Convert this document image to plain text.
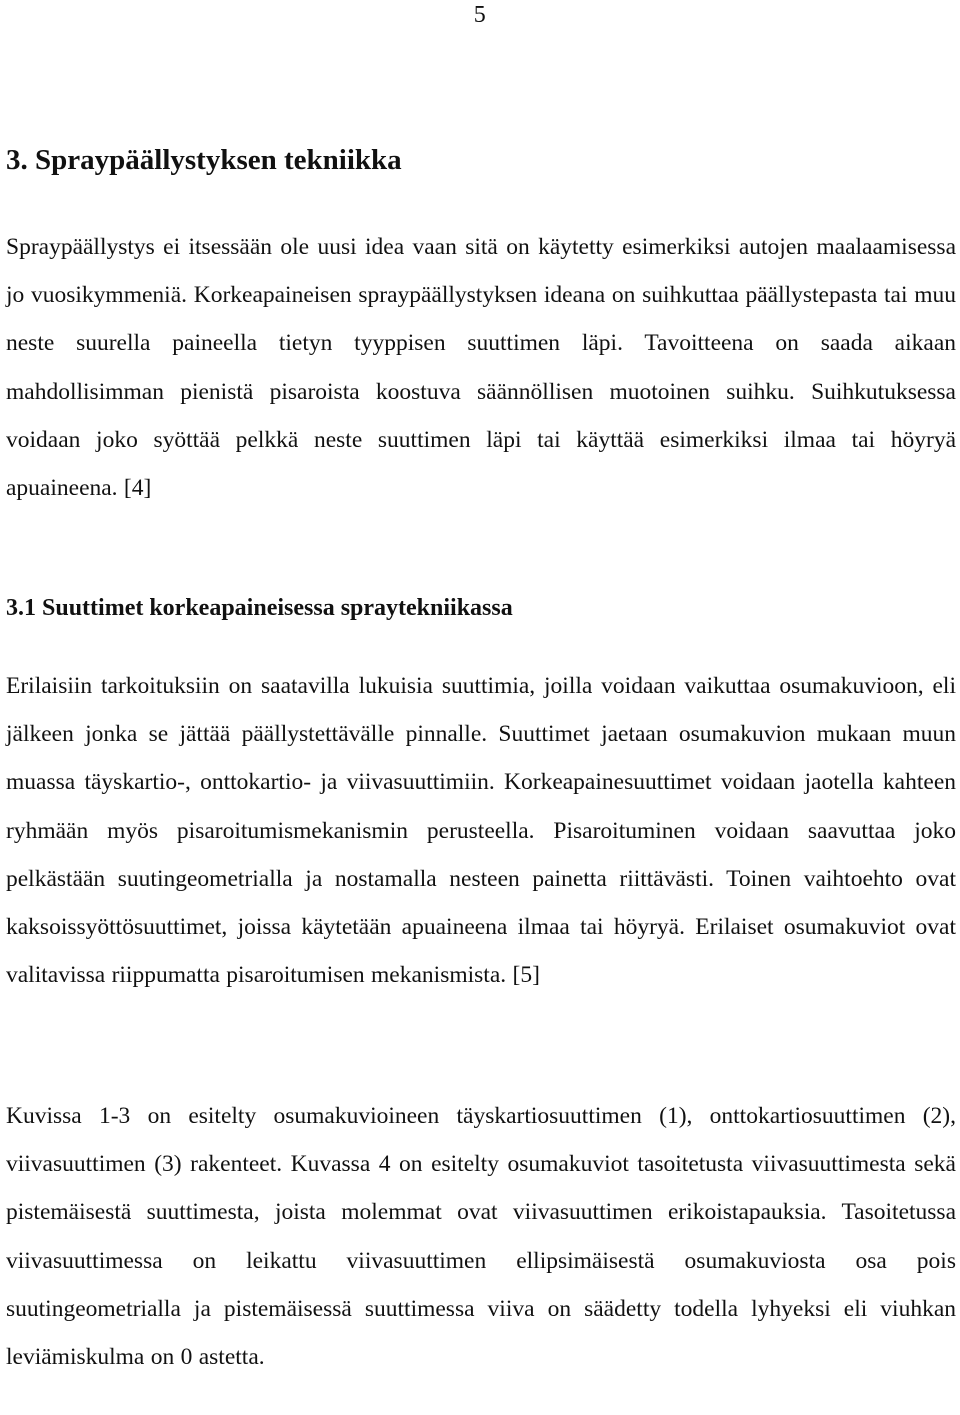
5
3. Spraypäällystyksen tekniikka

Spraypäällystys ei itsessään ole uusi idea vaan sitä on käytetty esimerkiksi autojen maalaamisessa jo vuosikymmeniä. Korkeapaineisen spraypäällystyksen ideana on suihkuttaa päällystepasta tai muu neste suurella paineella tietyn tyyppisen suuttimen läpi. Tavoitteena on saada aikaan mahdollisimman pienistä pisaroista koostuva säännöllisen muotoinen suihku. Suihkutuksessa voidaan joko syöttää pelkkä neste suuttimen läpi tai käyttää esimerkiksi ilmaa tai höyryä apuaineena. [4]

3.1 Suuttimet korkeapaineisessa spraytekniikassa

Erilaisiin tarkoituksiin on saatavilla lukuisia suuttimia, joilla voidaan vaikuttaa osumakuvioon, eli jälkeen jonka se jättää päällystettävälle pinnalle. Suuttimet jaetaan osumakuvion mukaan muun muassa täyskartio-, onttokartio- ja viivasuuttimiin. Korkeapainesuuttimet voidaan jaotella kahteen ryhmään myös pisaroitumismekanismin perusteella. Pisaroituminen voidaan saavuttaa joko pelkästään suutingeometrialla ja nostamalla nesteen painetta riittävästi. Toinen vaihtoehto ovat kaksoissyöttösuuttimet, joissa käytetään apuaineena ilmaa tai höyryä. Erilaiset osumakuviot ovat valitavissa riippumatta pisaroitumisen mekanismista. [5]

Kuvissa 1-3 on esitelty osumakuvioineen täyskartiosuuttimen (1), onttokartiosuuttimen (2), viivasuuttimen (3) rakenteet. Kuvassa 4 on esitelty osumakuviot tasoitetusta viivasuuttimesta sekä pistemäisestä suuttimesta, joista molemmat ovat viivasuuttimen erikoistapauksia. Tasoitetussa viivasuuttimessa on leikattu viivasuuttimen ellipsimäisestä osumakuviosta osa pois suutingeometrialla ja pistemäisessä suuttimessa viiva on säädetty todella lyhyeksi eli viuhkan leviämiskulma on 0 astetta.
